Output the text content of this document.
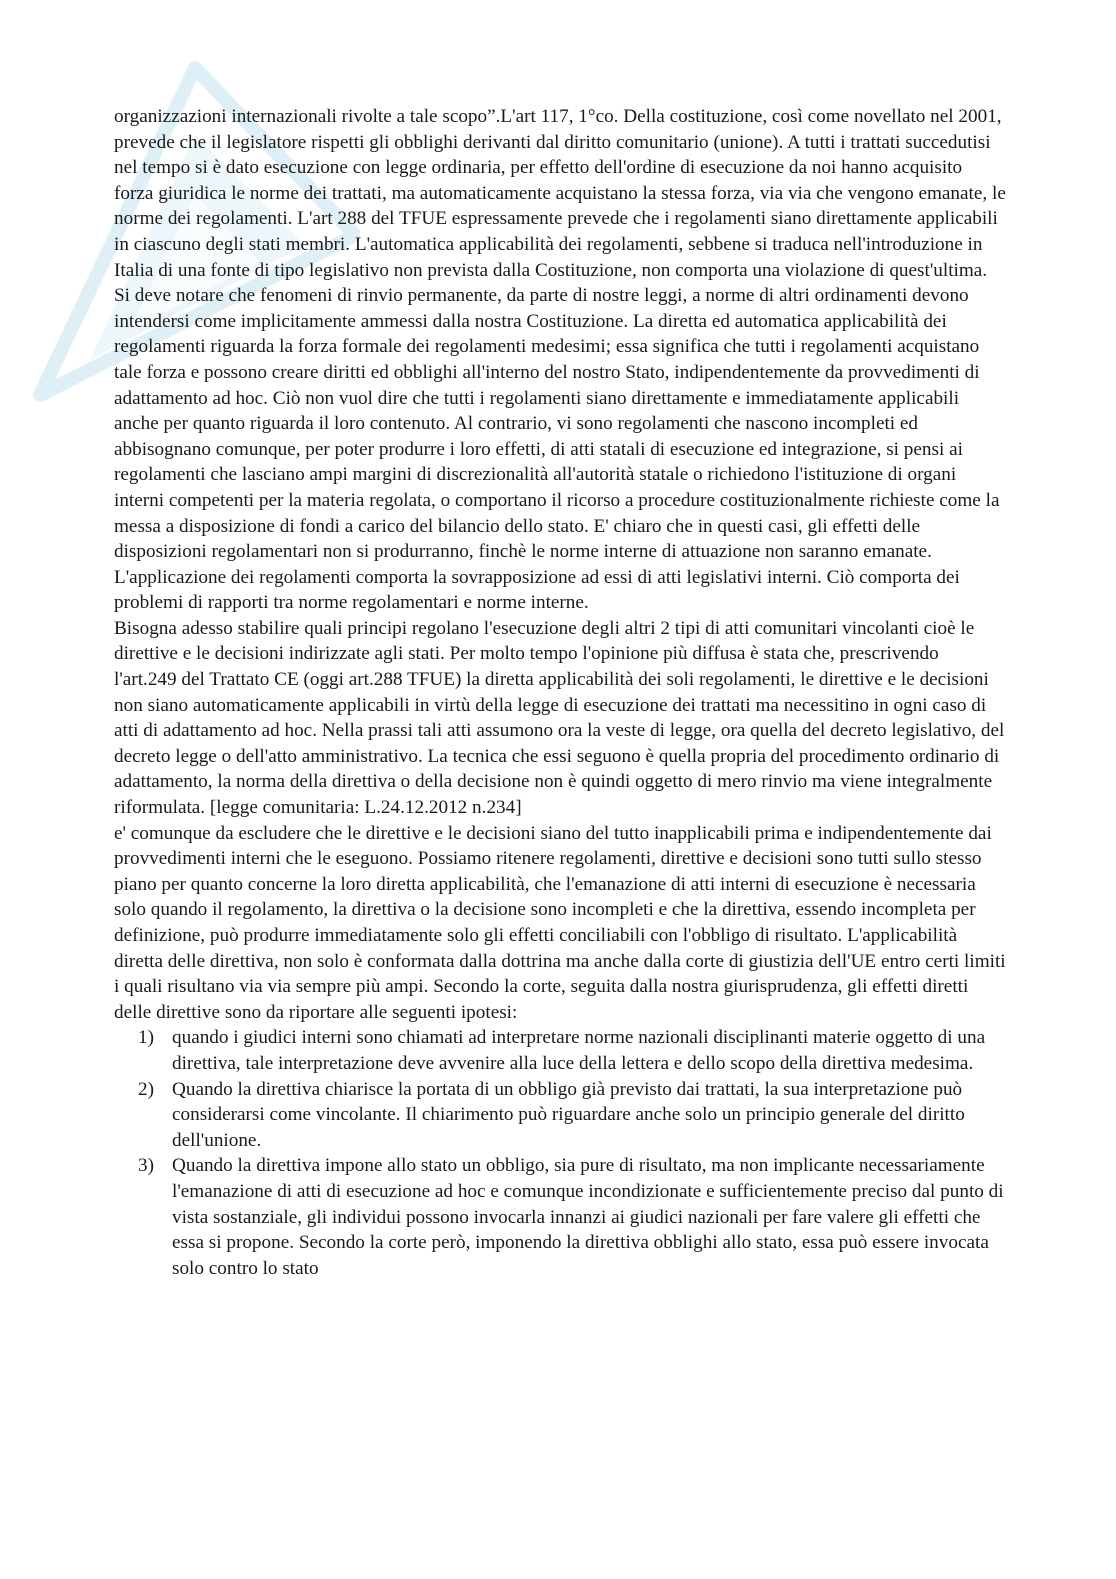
organizzazioni internazionali rivolte a tale scopo”.L'art 117, 1°co. Della costituzione, così come novellato nel 2001, prevede che il legislatore rispetti gli obblighi derivanti dal diritto comunitario (unione). A tutti i trattati succedutisi nel tempo si è dato esecuzione con legge ordinaria, per effetto dell'ordine di esecuzione da noi hanno acquisito forza giuridica le norme dei trattati, ma automaticamente acquistano la stessa forza, via via che vengono emanate, le norme dei regolamenti. L'art 288 del TFUE espressamente prevede che i regolamenti siano direttamente applicabili in ciascuno degli stati membri. L'automatica applicabilità dei regolamenti, sebbene si traduca nell'introduzione in Italia di una fonte di tipo legislativo non prevista dalla Costituzione, non comporta una violazione di quest'ultima. Si deve notare che fenomeni di rinvio permanente, da parte di nostre leggi, a norme di altri ordinamenti devono intendersi come implicitamente ammessi dalla nostra Costituzione. La diretta ed automatica applicabilità dei regolamenti riguarda la forza formale dei regolamenti medesimi; essa significa che tutti i regolamenti acquistano tale forza e possono creare diritti ed obblighi all'interno del nostro Stato, indipendentemente da provvedimenti di adattamento ad hoc. Ciò non vuol dire che tutti i regolamenti siano direttamente e immediatamente applicabili anche per quanto riguarda il loro contenuto. Al contrario, vi sono regolamenti che nascono incompleti ed abbisognano comunque, per poter produrre i loro effetti, di atti statali di esecuzione ed integrazione, si pensi ai regolamenti che lasciano ampi margini di discrezionalità all'autorità statale o richiedono l'istituzione di organi interni competenti per la materia regolata, o comportano il ricorso a procedure costituzionalmente richieste come la messa a disposizione di fondi a carico del bilancio dello stato. E' chiaro che in questi casi, gli effetti delle disposizioni regolamentari non si produrranno, finchè le norme interne di attuazione non saranno emanate. L'applicazione dei regolamenti comporta la sovrapposizione ad essi di atti legislativi interni. Ciò comporta dei problemi di rapporti tra norme regolamentari e norme interne.

Bisogna adesso stabilire quali principi regolano l'esecuzione degli altri 2 tipi di atti comunitari vincolanti cioè le direttive e le decisioni indirizzate agli stati. Per molto tempo l'opinione più diffusa è stata che, prescrivendo l'art.249 del Trattato CE (oggi art.288 TFUE) la diretta applicabilità dei soli regolamenti, le direttive e le decisioni non siano automaticamente applicabili in virtù della legge di esecuzione dei trattati ma necessitino in ogni caso di atti di adattamento ad hoc. Nella prassi tali atti assumono ora la veste di legge, ora quella del decreto legislativo, del decreto legge o dell'atto amministrativo. La tecnica che essi seguono è quella propria del procedimento ordinario di adattamento, la norma della direttiva o della decisione non è quindi oggetto di mero rinvio ma viene integralmente riformulata. [legge comunitaria: L.24.12.2012 n.234]

e' comunque da escludere che le direttive e le decisioni siano del tutto inapplicabili prima e indipendentemente dai provvedimenti interni che le eseguono. Possiamo ritenere regolamenti, direttive e decisioni sono tutti sullo stesso piano per quanto concerne la loro diretta applicabilità, che l'emanazione di atti interni di esecuzione è necessaria solo quando il regolamento, la direttiva o la decisione sono incompleti e che la direttiva, essendo incompleta per definizione, può produrre immediatamente solo gli effetti conciliabili con l'obbligo di risultato. L'applicabilità diretta delle direttiva, non solo è conformata dalla dottrina ma anche dalla corte di giustizia dell'UE entro certi limiti i quali risultano via via sempre più ampi. Secondo la corte, seguita dalla nostra giurisprudenza, gli effetti diretti delle direttive sono da riportare alle seguenti ipotesi:

1) quando i giudici interni sono chiamati ad interpretare norme nazionali disciplinanti materie oggetto di una direttiva, tale interpretazione deve avvenire alla luce della lettera e dello scopo della direttiva medesima.
2) Quando la direttiva chiarisce la portata di un obbligo già previsto dai trattati, la sua interpretazione può considerarsi come vincolante. Il chiarimento può riguardare anche solo un principio generale del diritto dell'unione.
3) Quando la direttiva impone allo stato un obbligo, sia pure di risultato, ma non implicante necessariamente l'emanazione di atti di esecuzione ad hoc e comunque incondizionate e sufficientemente preciso dal punto di vista sostanziale, gli individui possono invocarla innanzi ai giudici nazionali per fare valere gli effetti che essa si propone. Secondo la corte però, imponendo la direttiva obblighi allo stato, essa può essere invocata solo contro lo stato
